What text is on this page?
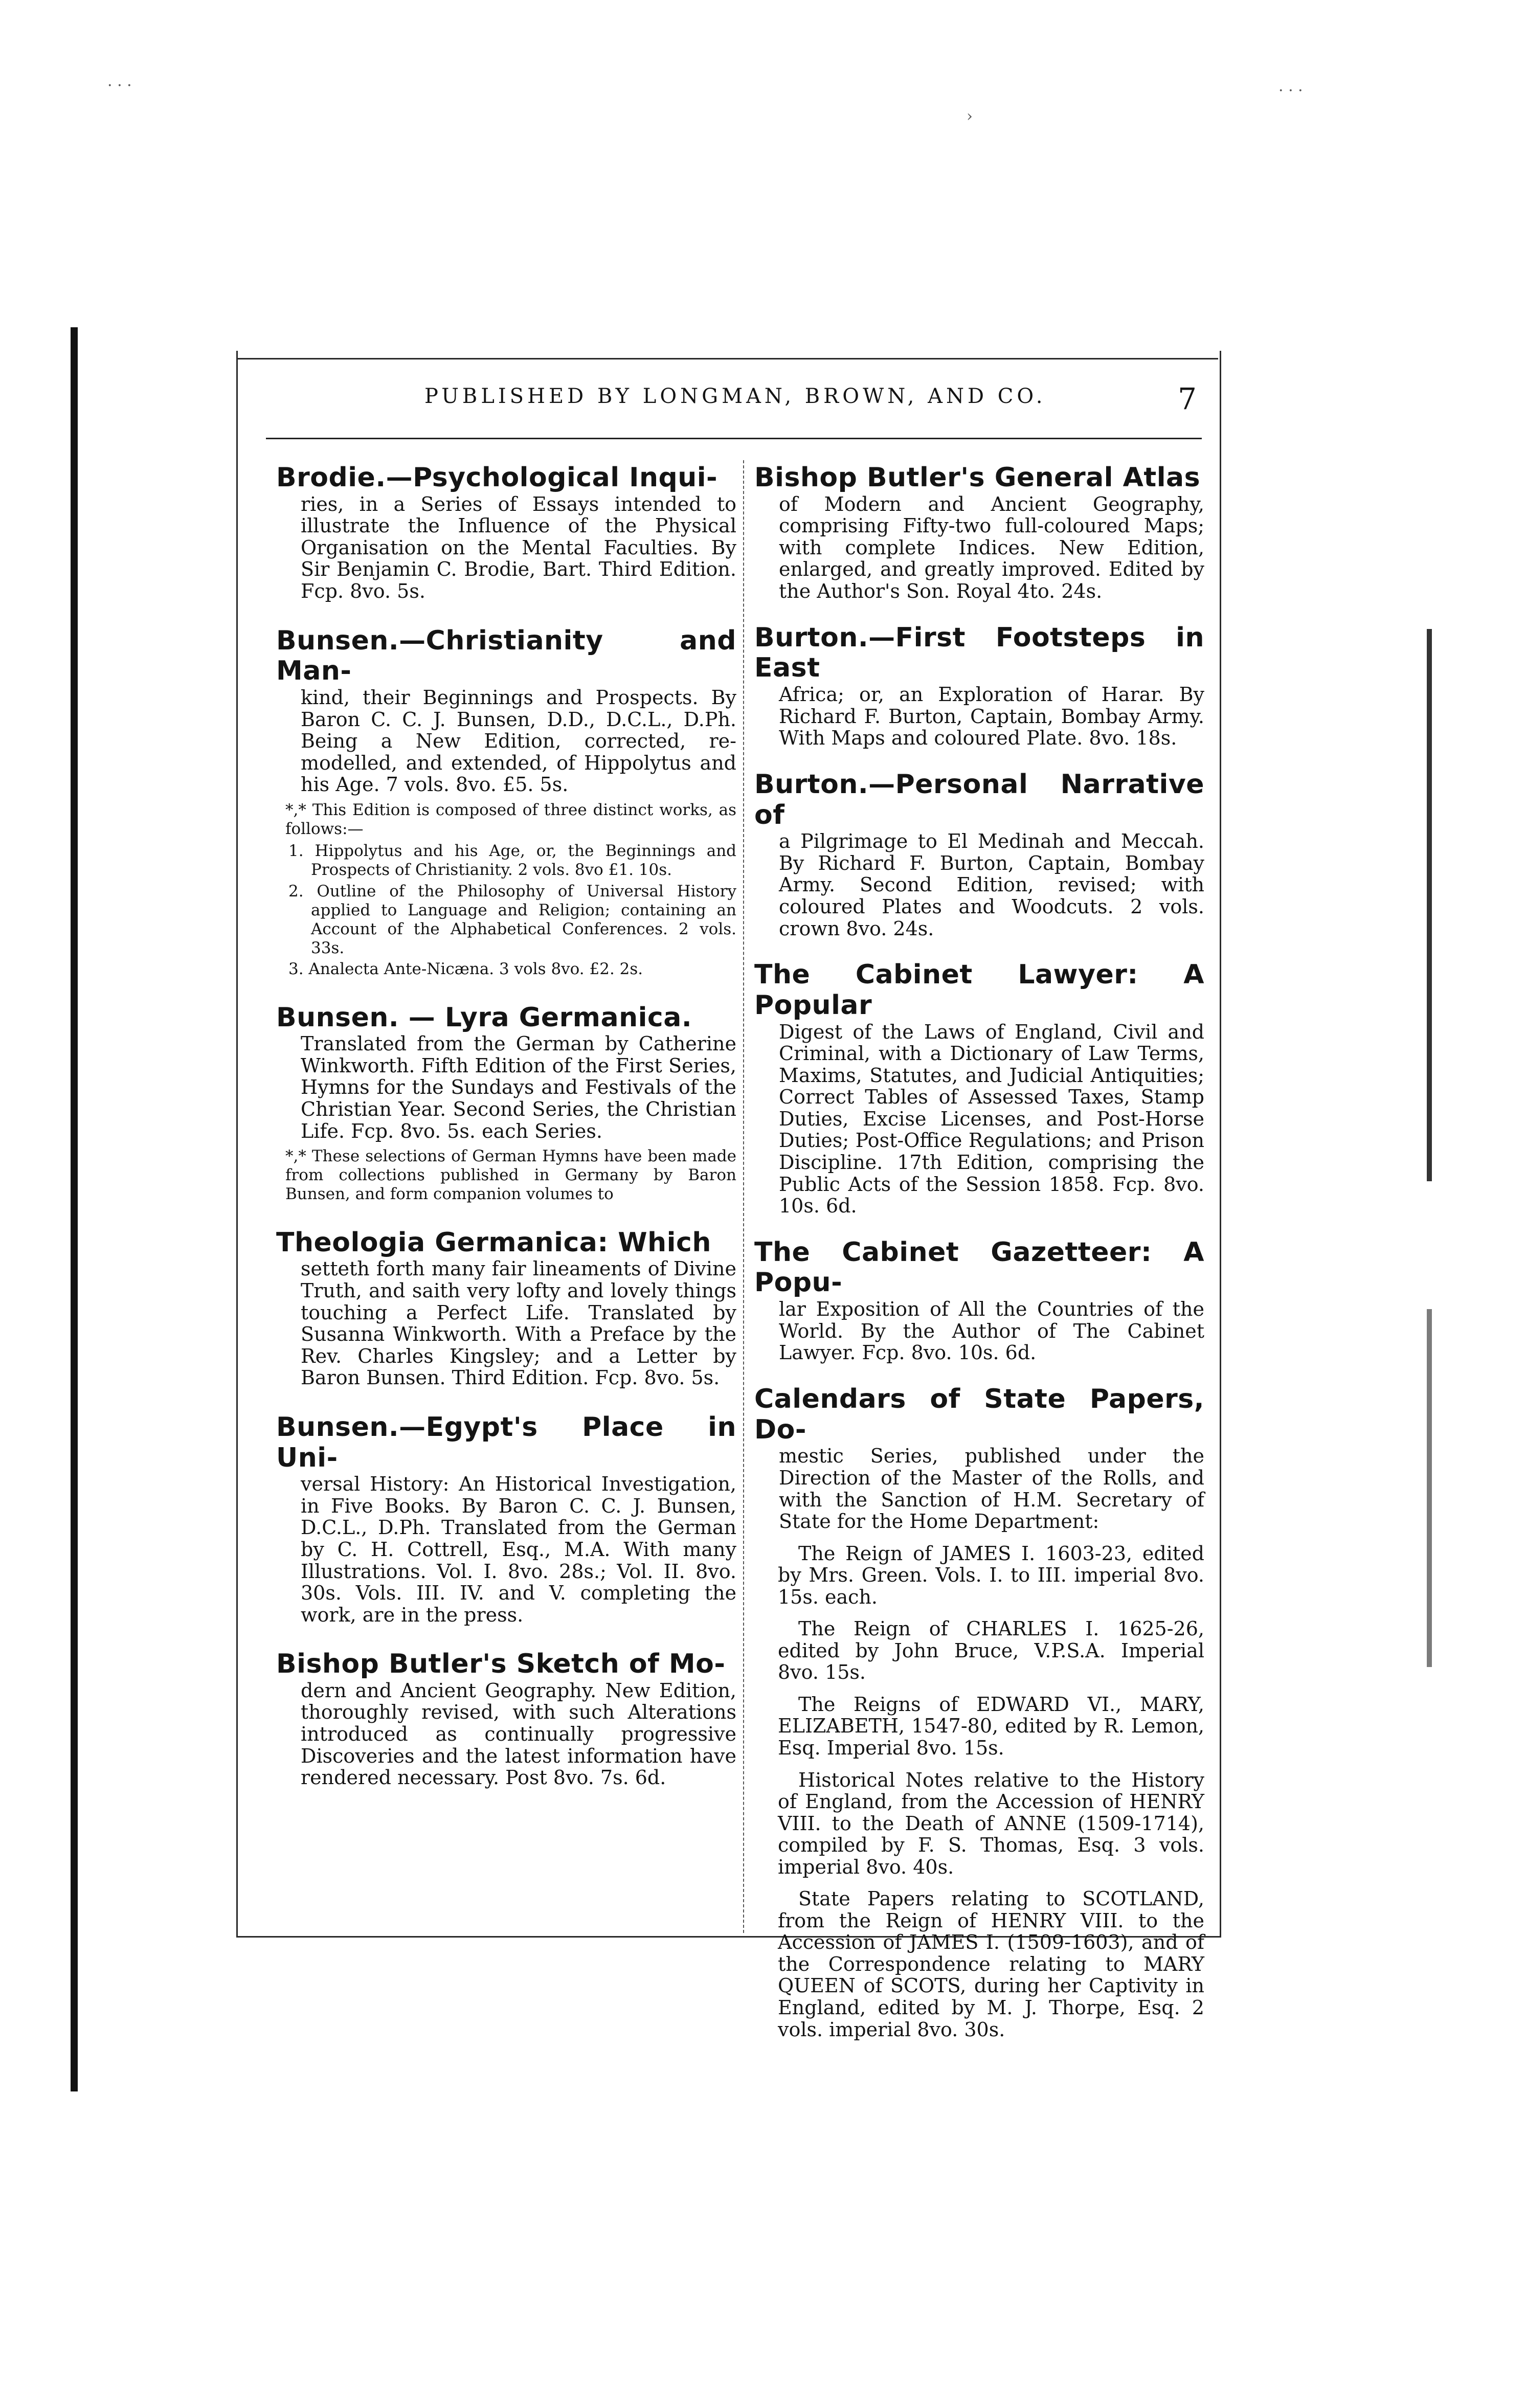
· · ·	· · ·
›
PUBLISHED BY LONGMAN, BROWN, AND CO.	7
Brodie.—Psychological Inqui-
ries, in a Series of Essays intended to illustrate the Influence of the Physical Organisation on the Mental Faculties. By Sir Benjamin C. Brodie, Bart. Third Edition. Fcp. 8vo. 5s.
Bunsen.—Christianity and Man-
kind, their Beginnings and Prospects. By Baron C. C. J. Bunsen, D.D., D.C.L., D.Ph. Being a New Edition, corrected, re-modelled, and extended, of Hippolytus and his Age. 7 vols. 8vo. £5. 5s.
*,* This Edition is composed of three distinct works, as follows:—
1. Hippolytus and his Age, or, the Beginnings and Prospects of Christianity. 2 vols. 8vo £1. 10s.
2. Outline of the Philosophy of Universal History applied to Language and Religion; containing an Account of the Alphabetical Conferences. 2 vols. 33s.
3. Analecta Ante-Nicæna. 3 vols 8vo. £2. 2s.
Bunsen. — Lyra Germanica.
Translated from the German by Catherine Winkworth. Fifth Edition of the First Series, Hymns for the Sundays and Festivals of the Christian Year. Second Series, the Christian Life. Fcp. 8vo. 5s. each Series.
*,* These selections of German Hymns have been made from collections published in Germany by Baron Bunsen, and form companion volumes to
Theologia Germanica: Which
setteth forth many fair lineaments of Divine Truth, and saith very lofty and lovely things touching a Perfect Life. Translated by Susanna Winkworth. With a Preface by the Rev. Charles Kingsley; and a Letter by Baron Bunsen. Third Edition. Fcp. 8vo. 5s.
Bunsen.—Egypt's Place in Uni-
versal History: An Historical Investigation, in Five Books. By Baron C. C. J. Bunsen, D.C.L., D.Ph. Translated from the German by C. H. Cottrell, Esq., M.A. With many Illustrations. Vol. I. 8vo. 28s.; Vol. II. 8vo. 30s. Vols. III. IV. and V. completing the work, are in the press.
Bishop Butler's Sketch of Mo-
dern and Ancient Geography. New Edition, thoroughly revised, with such Alterations introduced as continually progressive Discoveries and the latest information have rendered necessary. Post 8vo. 7s. 6d.
Bishop Butler's General Atlas
of Modern and Ancient Geography, comprising Fifty-two full-coloured Maps; with complete Indices. New Edition, enlarged, and greatly improved. Edited by the Author's Son. Royal 4to. 24s.
Burton.—First Footsteps in East
Africa; or, an Exploration of Harar. By Richard F. Burton, Captain, Bombay Army. With Maps and coloured Plate. 8vo. 18s.
Burton.—Personal Narrative of
a Pilgrimage to El Medinah and Meccah. By Richard F. Burton, Captain, Bombay Army. Second Edition, revised; with coloured Plates and Woodcuts. 2 vols. crown 8vo. 24s.
The Cabinet Lawyer: A Popular
Digest of the Laws of England, Civil and Criminal, with a Dictionary of Law Terms, Maxims, Statutes, and Judicial Antiquities; Correct Tables of Assessed Taxes, Stamp Duties, Excise Licenses, and Post-Horse Duties; Post-Office Regulations; and Prison Discipline. 17th Edition, comprising the Public Acts of the Session 1858. Fcp. 8vo. 10s. 6d.
The Cabinet Gazetteer: A Popu-
lar Exposition of All the Countries of the World. By the Author of The Cabinet Lawyer. Fcp. 8vo. 10s. 6d.
Calendars of State Papers, Do-
mestic Series, published under the Direction of the Master of the Rolls, and with the Sanction of H.M. Secretary of State for the Home Department:
The Reign of JAMES I. 1603-23, edited by Mrs. Green. Vols. I. to III. imperial 8vo. 15s. each.
The Reign of CHARLES I. 1625-26, edited by John Bruce, V.P.S.A. Imperial 8vo. 15s.
The Reigns of EDWARD VI., MARY, ELIZABETH, 1547-80, edited by R. Lemon, Esq. Imperial 8vo. 15s.
Historical Notes relative to the History of England, from the Accession of HENRY VIII. to the Death of ANNE (1509-1714), compiled by F. S. Thomas, Esq. 3 vols. imperial 8vo. 40s.
State Papers relating to SCOTLAND, from the Reign of HENRY VIII. to the Accession of JAMES I. (1509-1603), and of the Correspondence relating to MARY QUEEN of SCOTS, during her Captivity in England, edited by M. J. Thorpe, Esq. 2 vols. imperial 8vo. 30s.
